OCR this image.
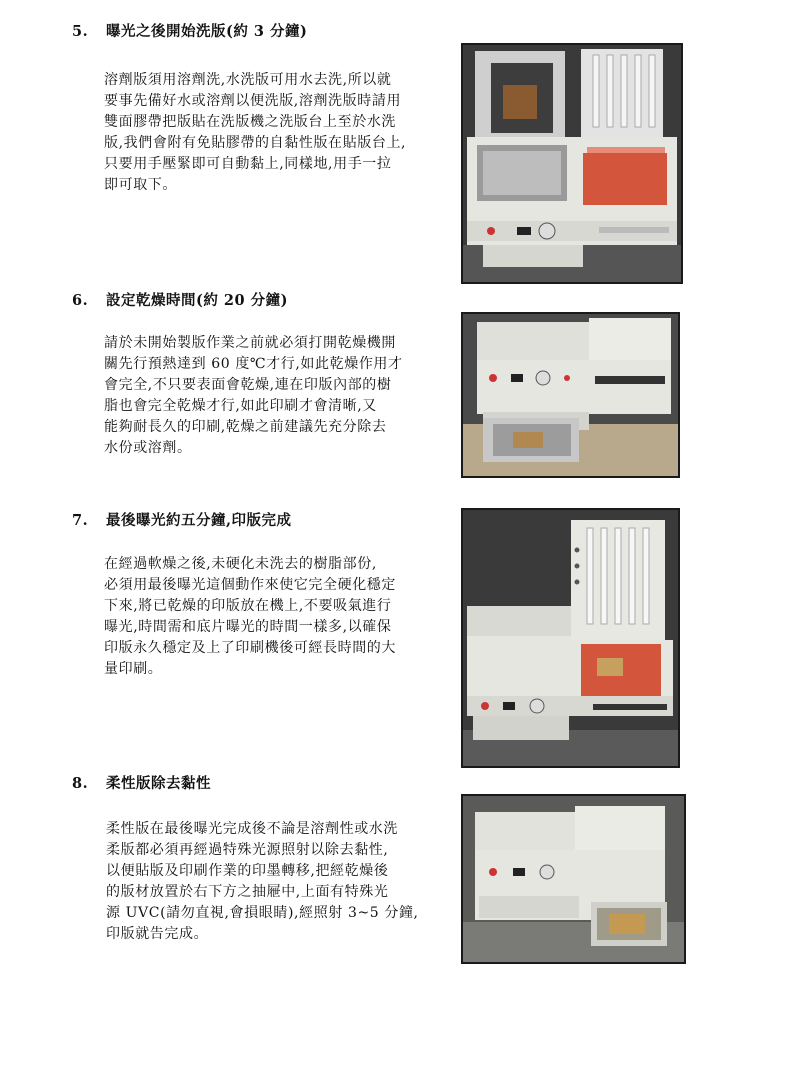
5. 曝光之後開始洗版(約 3 分鐘)
溶劑版須用溶劑洗,水洗版可用水去洗,所以就
要事先備好水或溶劑以便洗版,溶劑洗版時請用
雙面膠帶把版貼在洗版機之洗版台上至於水洗
版,我們會附有免貼膠帶的自黏性版在貼版台上,
只要用手壓緊即可自動黏上,同樣地,用手一拉
即可取下。
6. 設定乾燥時間(約 20 分鐘)
請於未開始製版作業之前就必須打開乾燥機開
關先行預熱達到 60 度℃才行,如此乾燥作用才
會完全,不只要表面會乾燥,連在印版內部的樹
脂也會完全乾燥才行,如此印刷才會清晰,又
能夠耐長久的印刷,乾燥之前建議先充分除去
水份或溶劑。
7. 最後曝光約五分鐘,印版完成
在經過軟燥之後,未硬化未洗去的樹脂部份,
必須用最後曝光這個動作來使它完全硬化穩定
下來,將已乾燥的印版放在機上,不要吸氣進行
曝光,時間需和底片曝光的時間一樣多,以確保
印版永久穩定及上了印刷機後可經長時間的大
量印刷。
8. 柔性版除去黏性
柔性版在最後曝光完成後不論是溶劑性或水洗
柔版都必須再經過特殊光源照射以除去黏性,
以便貼版及印刷作業的印墨轉移,把經乾燥後
的版材放置於右下方之抽屜中,上面有特殊光
源 UVC(請勿直視,會損眼睛),經照射 3~5 分鐘,
印版就告完成。
